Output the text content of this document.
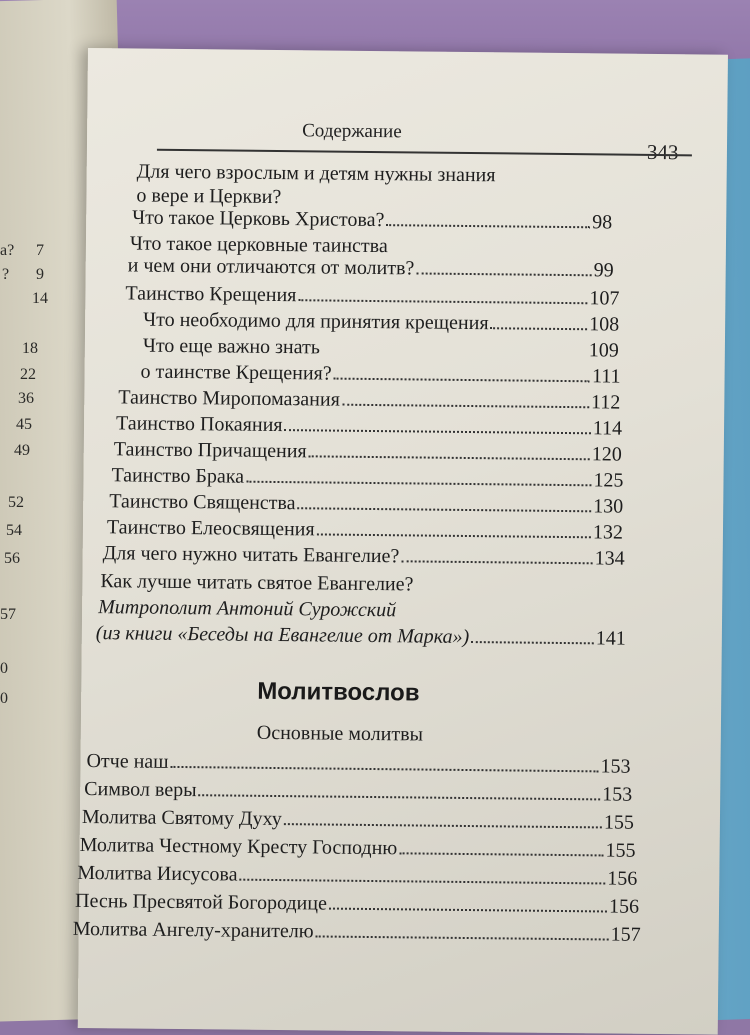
а? 7
? 9
14
18
22
36
45
49
52
54
56
57
0
0
Содержание
343
Для чего взрослым и детям нужны знания
о вере и Церкви?
Что такое Церковь Христова?	98
Что такое церковные таинства
и чем они отличаются от молитв?	99
Таинство Крещения	107
Что необходимо для принятия крещения	108
Что еще важно знать	109
о таинстве Крещения?	111
Таинство Миропомазания	112
Таинство Покаяния	114
Таинство Причащения	120
Таинство Брака	125
Таинство Священства	130
Таинство Елеосвящения	132
Для чего нужно читать Евангелие?	134
Как лучше читать святое Евангелие?
Митрополит Антоний Сурожский
(из книги «Беседы на Евангелие от Марка»)	141
Молитвослов
Основные молитвы
Отче наш	153
Символ веры	153
Молитва Святому Духу	155
Молитва Честному Кресту Господню	155
Молитва Иисусова	156
Песнь Пресвятой Богородице	156
Молитва Ангелу-хранителю	157
